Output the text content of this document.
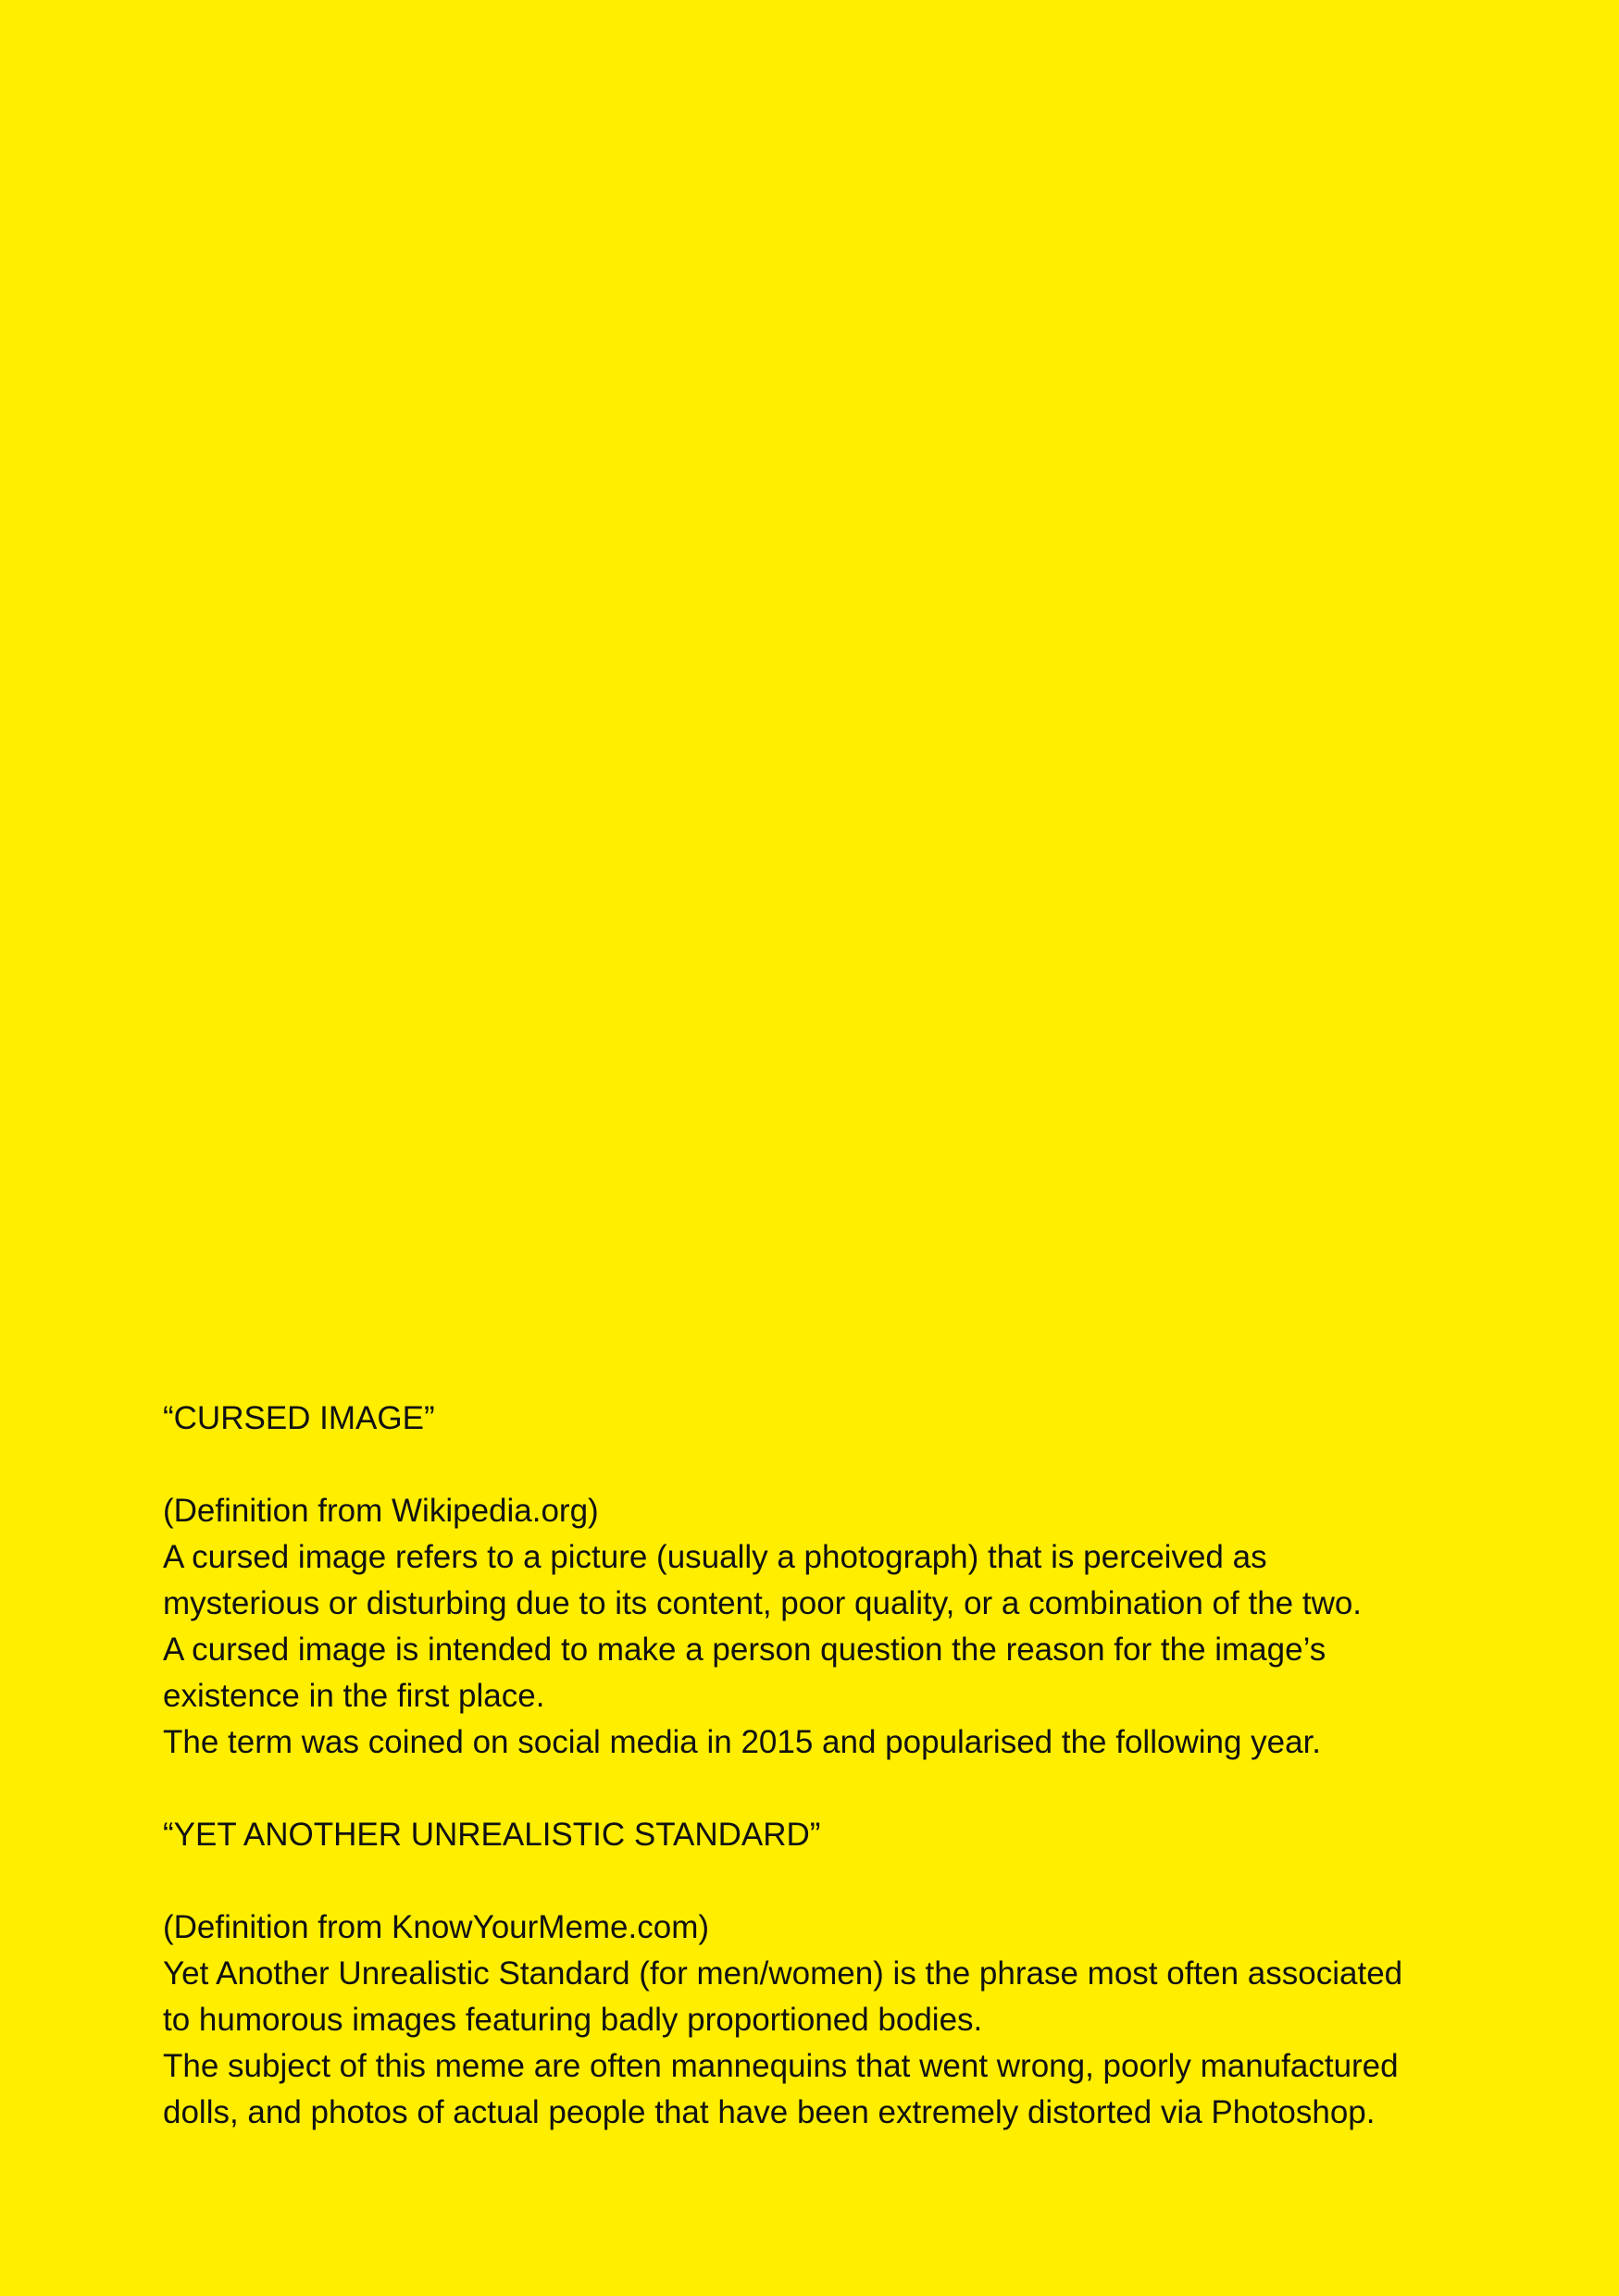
“CURSED IMAGE”
(Definition from Wikipedia.org)
A cursed image refers to a picture (usually a photograph) that is perceived as
mysterious or disturbing due to its content, poor quality, or a combination of the two.
A cursed image is intended to make a person question the reason for the image’s
existence in the first place.
The term was coined on social media in 2015 and popularised the following year.
“YET ANOTHER UNREALISTIC STANDARD”
(Definition from KnowYourMeme.com)
Yet Another Unrealistic Standard (for men/women) is the phrase most often associated
to humorous images featuring badly proportioned bodies.
The subject of this meme are often mannequins that went wrong, poorly manufactured
dolls, and photos of actual people that have been extremely distorted via Photoshop.
